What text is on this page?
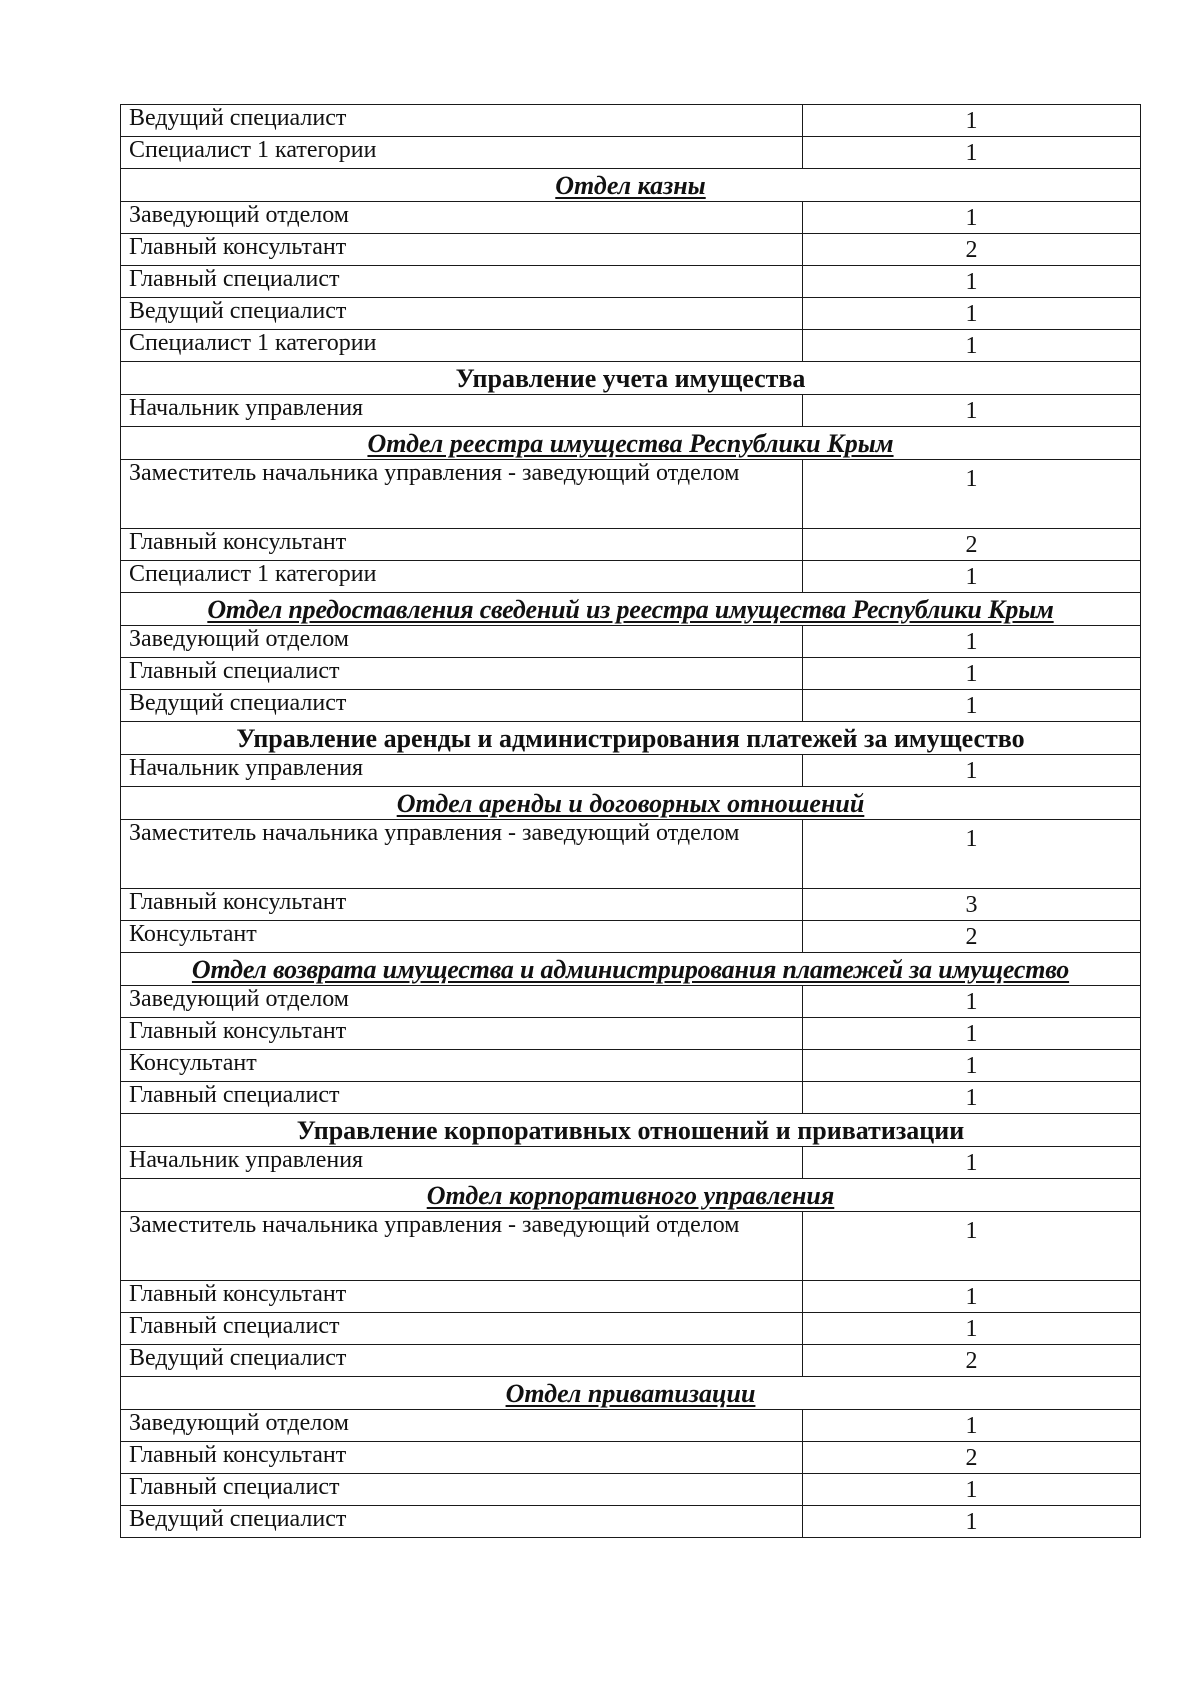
Ведущий специалист	1
Специалист 1 категории	1
Отдел казны	
Заведующий отделом	1
Главный консультант	2
Главный специалист	1
Ведущий специалист	1
Специалист 1 категории	1
Управление учета имущества	
Начальник управления	1
Отдел реестра имущества Республики Крым	
Заместитель начальника управления - заведующий отделом	1
Главный консультант	2
Специалист 1 категории	1
Отдел предоставления сведений из реестра имущества Республики Крым	
Заведующий отделом	1
Главный специалист	1
Ведущий специалист	1
Управление аренды и администрирования платежей за имущество	
Начальник управления	1
Отдел аренды и договорных отношений	
Заместитель начальника управления - заведующий отделом	1
Главный консультант	3
Консультант	2
Отдел возврата имущества и администрирования платежей за имущество	
Заведующий отделом	1
Главный консультант	1
Консультант	1
Главный специалист	1
Управление корпоративных отношений и приватизации	
Начальник управления	1
Отдел корпоративного управления	
Заместитель начальника управления - заведующий отделом	1
Главный консультант	1
Главный специалист	1
Ведущий специалист	2
Отдел приватизации	
Заведующий отделом	1
Главный консультант	2
Главный специалист	1
Ведущий специалист	1
